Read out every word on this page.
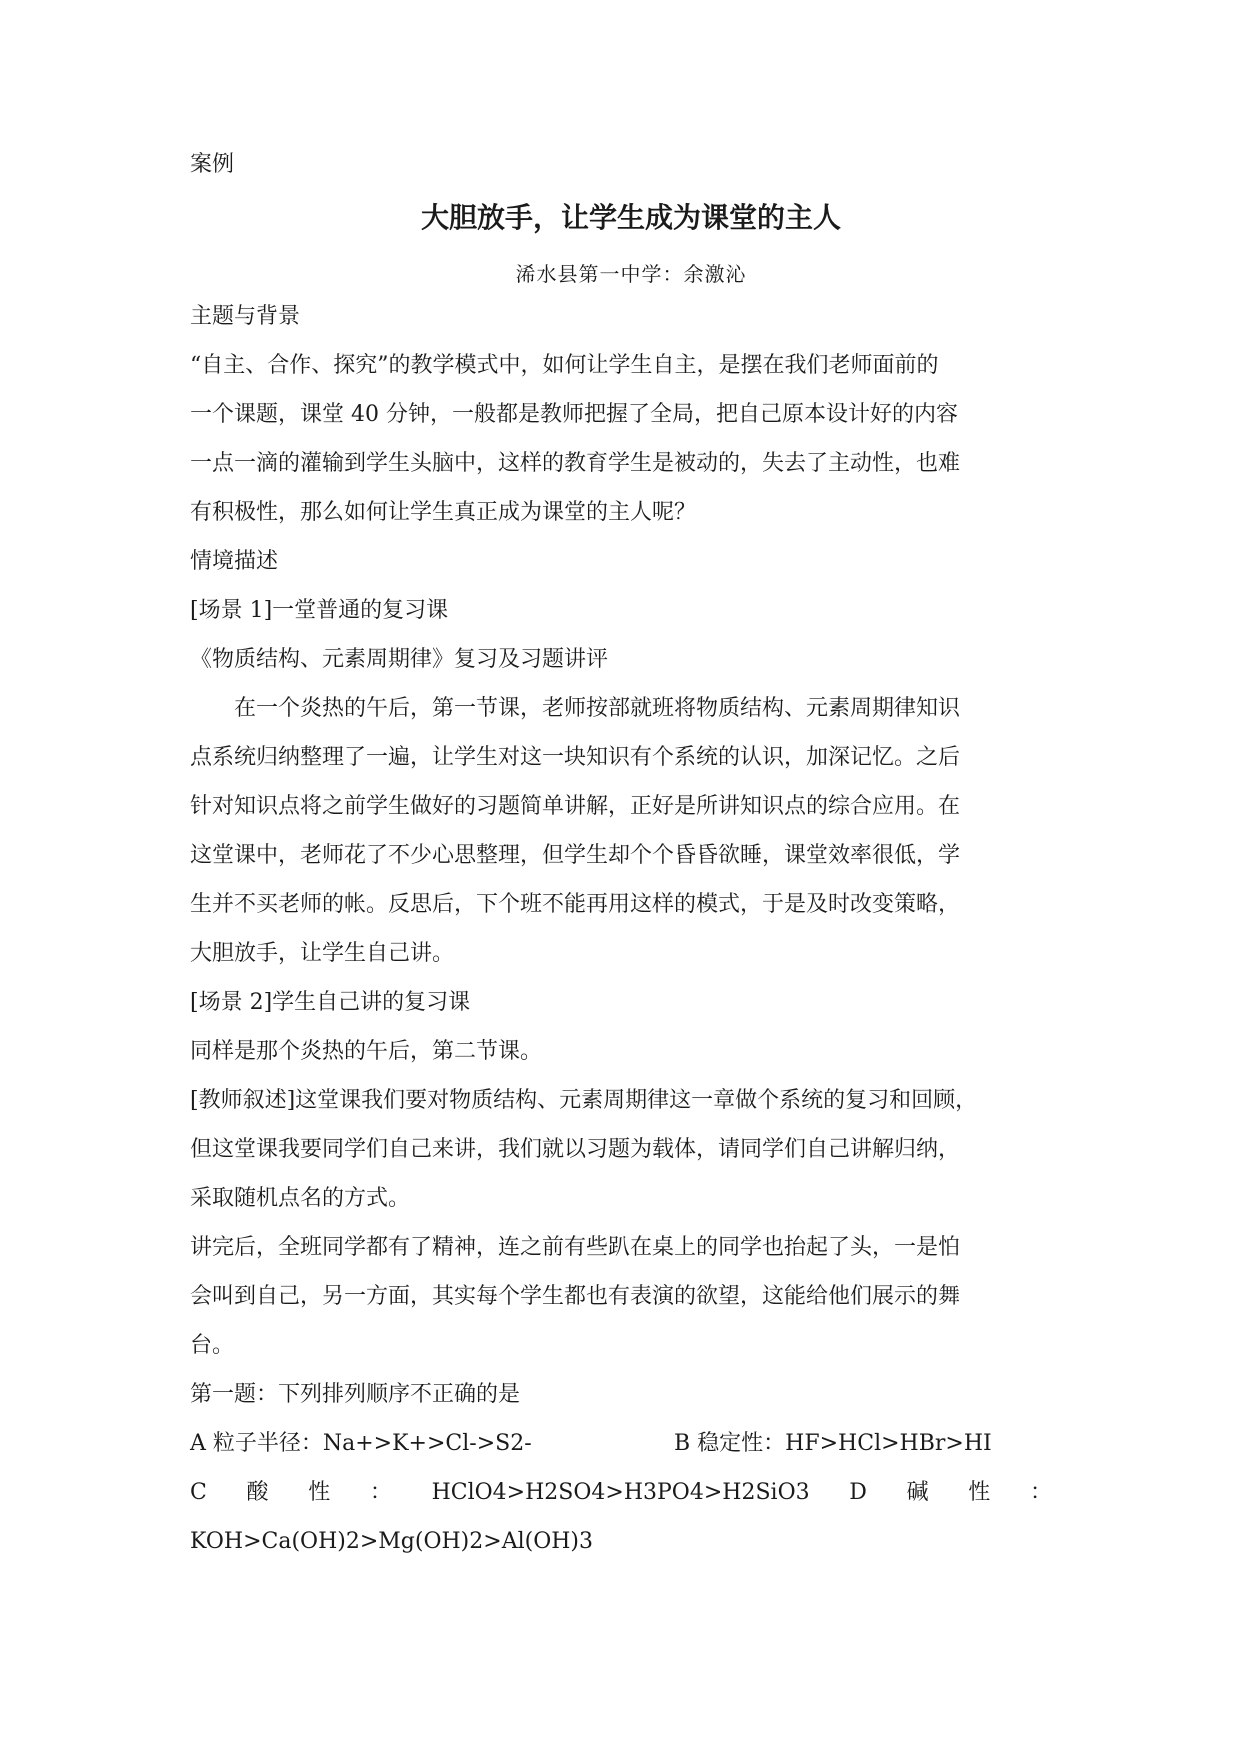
案例
大胆放手，让学生成为课堂的主人
浠水县第一中学：余激沁
主题与背景
“自主、合作、探究”的教学模式中，如何让学生自主，是摆在我们老师面前的
一个课题，课堂 40 分钟，一般都是教师把握了全局，把自己原本设计好的内容
一点一滴的灌输到学生头脑中，这样的教育学生是被动的，失去了主动性，也难
有积极性，那么如何让学生真正成为课堂的主人呢？
情境描述
[场景 1]一堂普通的复习课
《物质结构、元素周期律》复习及习题讲评
在一个炎热的午后，第一节课，老师按部就班将物质结构、元素周期律知识
点系统归纳整理了一遍，让学生对这一块知识有个系统的认识，加深记忆。之后
针对知识点将之前学生做好的习题简单讲解，正好是所讲知识点的综合应用。在
这堂课中，老师花了不少心思整理，但学生却个个昏昏欲睡，课堂效率很低，学
生并不买老师的帐。反思后，下个班不能再用这样的模式，于是及时改变策略，
大胆放手，让学生自己讲。
[场景 2]学生自己讲的复习课
同样是那个炎热的午后，第二节课。
[教师叙述]这堂课我们要对物质结构、元素周期律这一章做个系统的复习和回顾，
但这堂课我要同学们自己来讲，我们就以习题为载体，请同学们自己讲解归纳，
采取随机点名的方式。
讲完后，全班同学都有了精神，连之前有些趴在桌上的同学也抬起了头，一是怕
会叫到自己，另一方面，其实每个学生都也有表演的欲望，这能给他们展示的舞
台。
第一题：下列排列顺序不正确的是
A 粒子半径：Na+>K+>Cl->S2-	B 稳定性：HF>HCl>HBr>HI
C 酸 性 ： HClO4>H2SO4>H3PO4>H2SiO3 D 碱 性 ：
KOH>Ca(OH)2>Mg(OH)2>Al(OH)3
